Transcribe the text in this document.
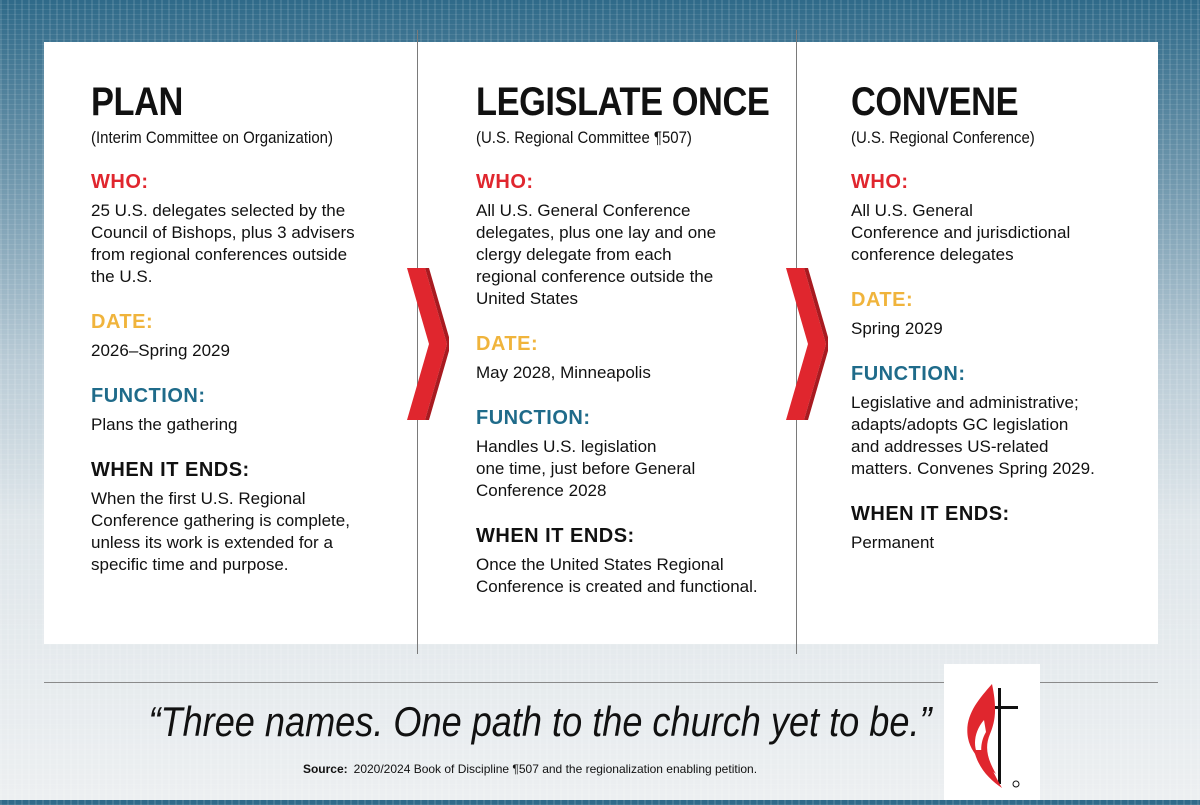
PLAN
(Interim Committee on Organization)
WHO:
25 U.S. delegates selected by the
Council of Bishops, plus 3 advisers
from regional conferences outside
the U.S.
DATE:
2026–Spring 2029
FUNCTION:
Plans the gathering
WHEN IT ENDS:
When the first U.S. Regional
Conference gathering is complete,
unless its work is extended for a
specific time and purpose.
LEGISLATE ONCE
(U.S. Regional Committee ¶507)
WHO:
All U.S. General Conference
delegates, plus one lay and one
clergy delegate from each
regional conference outside the
United States
DATE:
May 2028, Minneapolis
FUNCTION:
Handles U.S. legislation
one time, just before General
Conference 2028
WHEN IT ENDS:
Once the United States Regional
Conference is created and functional.
CONVENE
(U.S. Regional Conference)
WHO:
All U.S. General
Conference and jurisdictional
conference delegates
DATE:
Spring 2029
FUNCTION:
Legislative and administrative;
adapts/adopts GC legislation
and addresses US-related
matters. Convenes Spring 2029.
WHEN IT ENDS:
Permanent
“Three names. One path to the church yet to be.”
Source: 2020/2024 Book of Discipline ¶507 and the regionalization enabling petition.
